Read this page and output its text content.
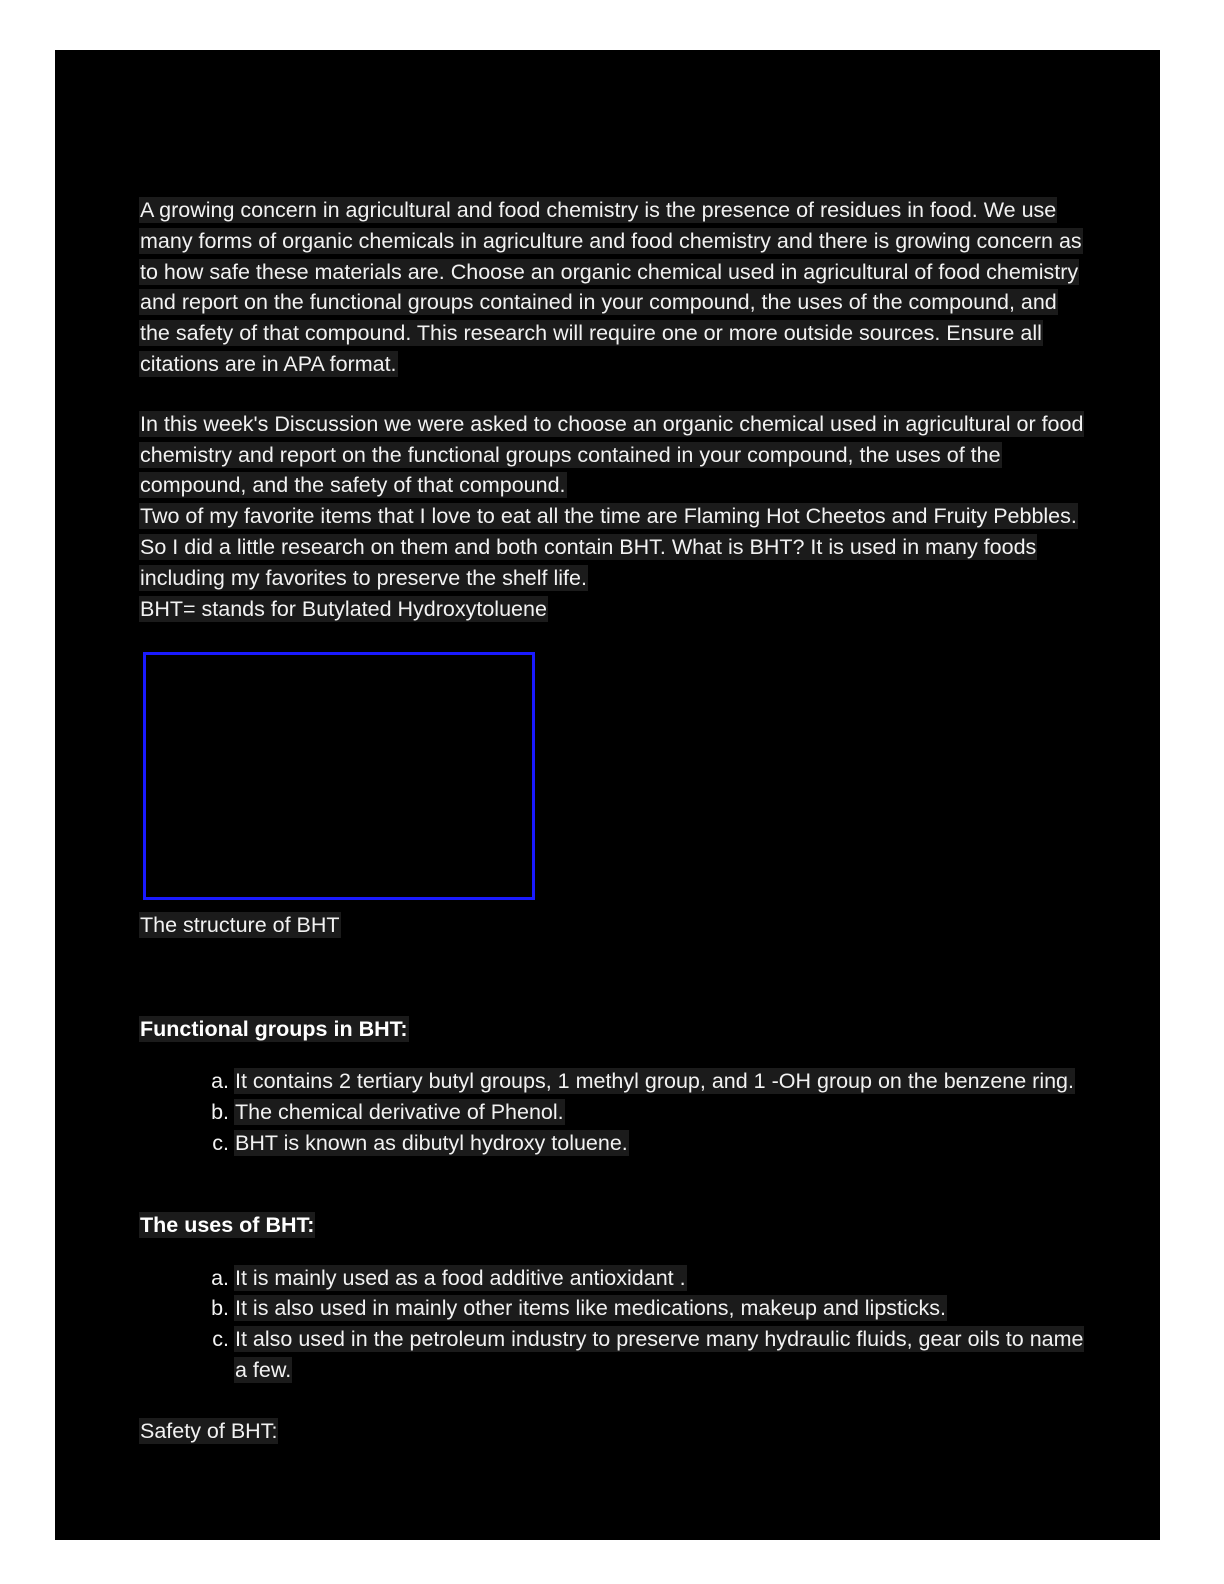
A growing concern in agricultural and food chemistry is the presence of residues in food. We use many forms of organic chemicals in agriculture and food chemistry and there is growing concern as to how safe these materials are. Choose an organic chemical used in agricultural of food chemistry and report on the functional groups contained in your compound, the uses of the compound, and the safety of that compound. This research will require one or more outside sources. Ensure all citations are in APA format.

In this week's Discussion we were asked to choose an organic chemical used in agricultural or food chemistry and report on the functional groups contained in your compound, the uses of the compound, and the safety of that compound.

Two of my favorite items that I love to eat all the time are Flaming Hot Cheetos and Fruity Pebbles. So I did a little research on them and both contain BHT. What is BHT? It is used in many foods including my favorites to preserve the shelf life.

BHT= stands for Butylated Hydroxytoluene

The structure of BHT

Functional groups in BHT:

a. It contains 2 tertiary butyl groups, 1 methyl group, and 1 -OH group on the benzene ring.
b. The chemical derivative of Phenol.
c. BHT is known as dibutyl hydroxy toluene.

The uses of BHT:

a. It is mainly used as a food additive antioxidant .
b. It is also used in mainly other items like medications, makeup and lipsticks.
c. It also used in the petroleum industry to preserve many hydraulic fluids, gear oils to name a few.

Safety of BHT:
